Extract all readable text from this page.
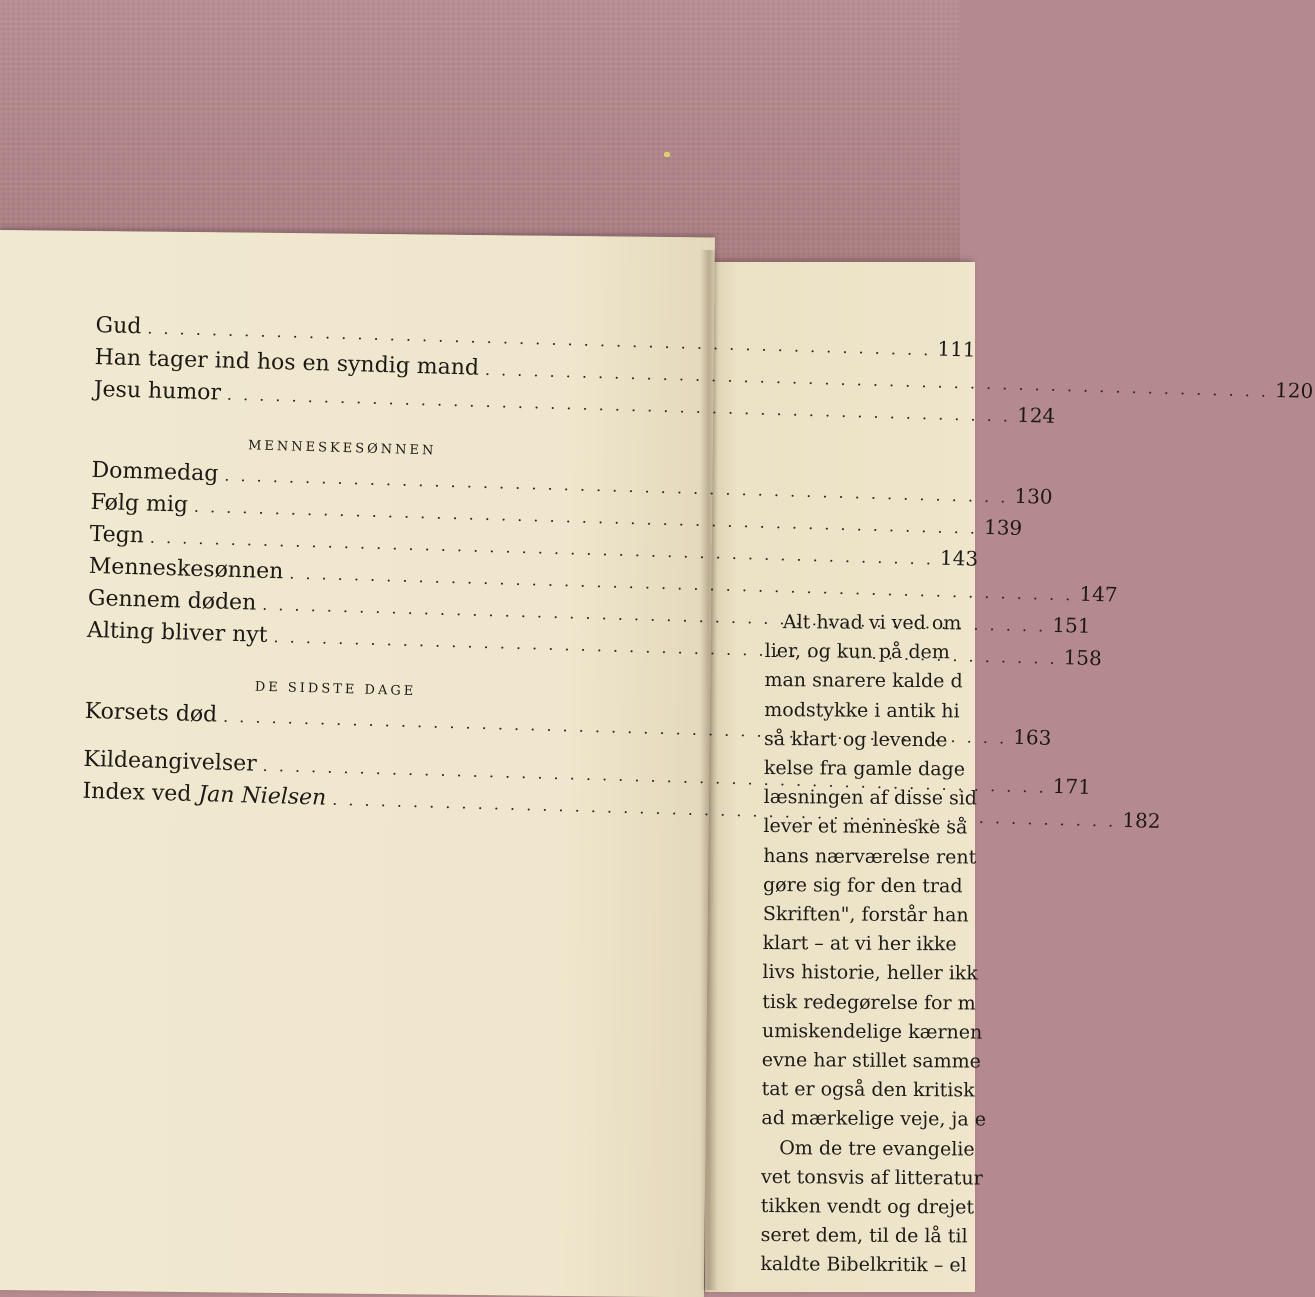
Gud
. . .
111
Han tager ind hos en syndig mand
. . .
120
Jesu humor
. . .
124
MENNESKESØNNEN
Dommedag
. . .
130
Følg mig
. . .
139
Tegn
. . .
143
Menneskesønnen
. . .
147
Gennem døden
. . .
151
Alting bliver nyt
. . .
158
DE SIDSTE DAGE
Korsets død
. . .
163
Kildeangivelser
. . .
171
Index ved Jan Nielsen
. . .
182
Alt hvad vi ved om
lier, og kun på dem
man snarere kalde d
modstykke i antik hi
så klart og levende
kelse fra gamle dage
læsningen af disse sid
lever et menneske så
hans nærværelse rent
gøre sig for den trad
Skriften", forstår han
klart – at vi her ikke
livs historie, heller ikk
tisk redegørelse for m
umiskendelige kærnen
evne har stillet samme
tat er også den kritisk
ad mærkelige veje, ja e
Om de tre evangelie
vet tonsvis af litteratur
tikken vendt og drejet
seret dem, til de lå til
kaldte Bibelkritik – el
